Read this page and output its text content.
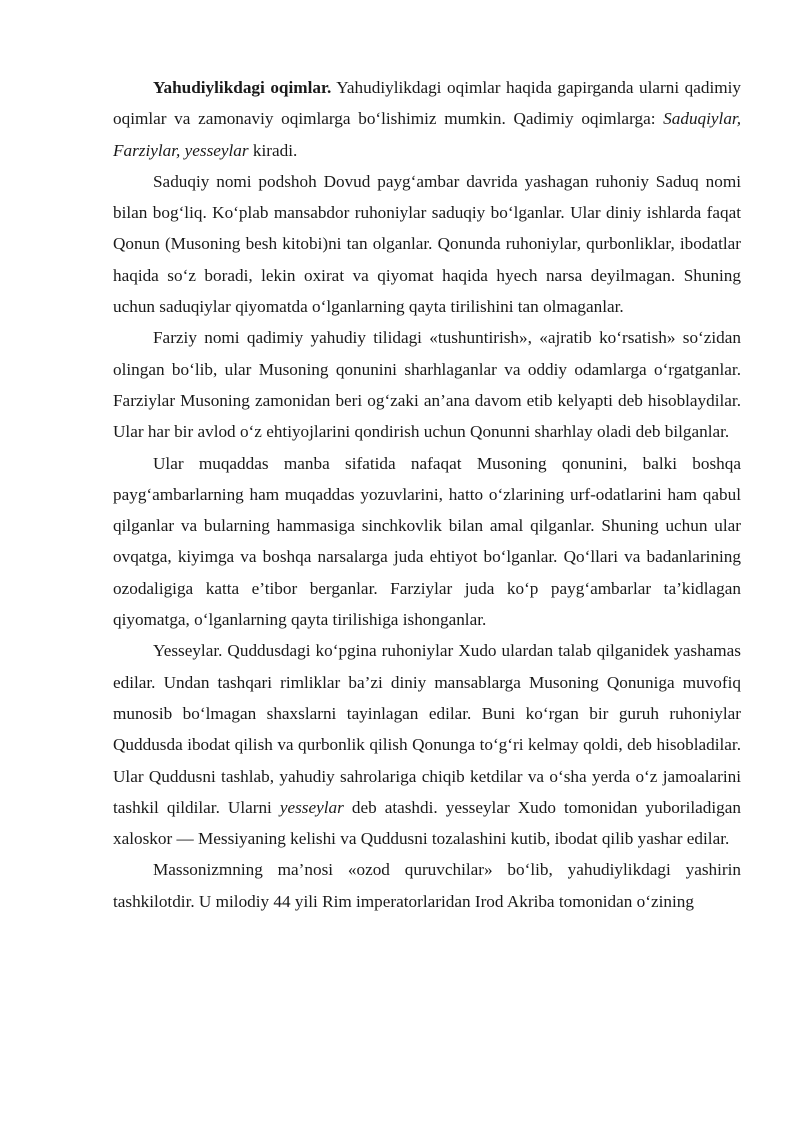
Yahudiylikdagi oqimlar. Yahudiylikdagi oqimlar haqida gapirganda ularni qadimiy oqimlar va zamonaviy oqimlarga bo‘lishimiz mumkin. Qadimiy oqimlarga: Saduqiylar, Farziylar, yesseylar kiradi.

Saduqiy nomi podshoh Dovud payg‘ambar davrida yashagan ruhoniy Saduq nomi bilan bog‘liq. Ko‘plab mansabdor ruhoniylar saduqiy bo‘lganlar. Ular diniy ishlarda faqat Qonun (Musoning besh kitobi)ni tan olganlar. Qonunda ruhoniylar, qurbonliklar, ibodatlar haqida so‘z boradi, lekin oxirat va qiyomat haqida hyech narsa deyilmagan. Shuning uchun saduqiylar qiyomatda o‘lganlarning qayta tirilishini tan olmaganlar.

Farziy nomi qadimiy yahudiy tilidagi «tushuntirish», «ajratib ko‘rsatish» so‘zidan olingan bo‘lib, ular Musoning qonunini sharhlaganlar va oddiy odamlarga o‘rgatganlar. Farziylar Musoning zamonidan beri og‘zaki an’ana davom etib kelyapti deb hisoblaydilar. Ular har bir avlod o‘z ehtiyojlarini qondirish uchun Qonunni sharhlay oladi deb bilganlar.

Ular muqaddas manba sifatida nafaqat Musoning qonunini, balki boshqa payg‘ambarlarning ham muqaddas yozuvlarini, hatto o‘zlarining urf-odatlarini ham qabul qilganlar va bularning hammasiga sinchkovlik bilan amal qilganlar. Shuning uchun ular ovqatga, kiyimga va boshqa narsalarga juda ehtiyot bo‘lganlar. Qo‘llari va badanlarining ozodaligiga katta e’tibor berganlar. Farziylar juda ko‘p payg‘ambarlar ta’kidlagan qiyomatga, o‘lganlarning qayta tirilishiga ishonganlar.

Yesseylar. Quddusdagi ko‘pgina ruhoniylar Xudo ulardan talab qilganidek yashamas edilar. Undan tashqari rimliklar ba’zi diniy mansablarga Musoning Qonuniga muvofiq munosib bo‘lmagan shaxslarni tayinlagan edilar. Buni ko‘rgan bir guruh ruhoniylar Quddusda ibodat qilish va qurbonlik qilish Qonunga to‘g‘ri kelmay qoldi, deb hisobladilar. Ular Quddusni tashlab, yahudiy sahrolariga chiqib ketdilar va o‘sha yerda o‘z jamoalarini tashkil qildilar. Ularni yesseylar deb atashdi. yesseylar Xudo tomonidan yuboriladigan xaloskor — Messiyaning kelishi va Quddusni tozalashini kutib, ibodat qilib yashar edilar.

Massonizmning ma’nosi «ozod quruvchilar» bo‘lib, yahudiylikdagi yashirin tashkilotdir. U milodiy 44 yili Rim imperatorlaridan Irod Akriba tomonidan o‘zining
